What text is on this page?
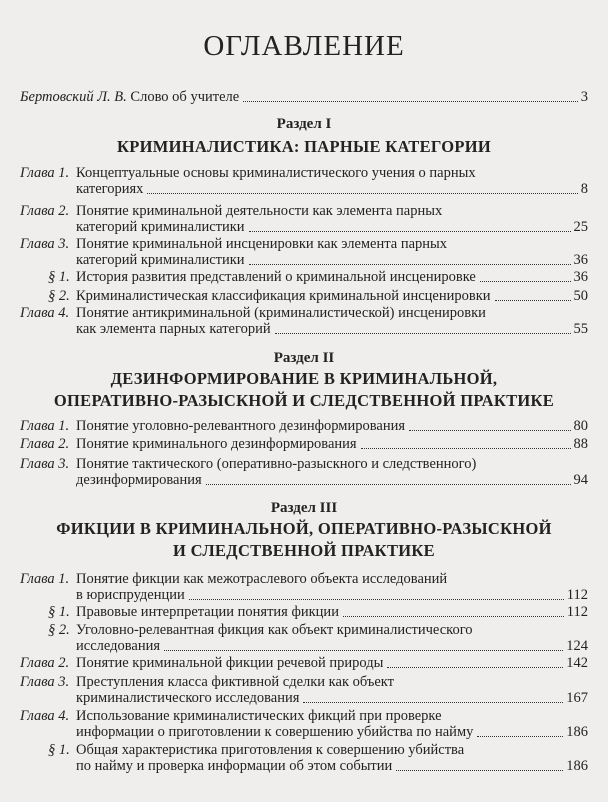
ОГЛАВЛЕНИЕ
Бертовский Л. В.
Слово об учителе	3
Раздел I
КРИМИНАЛИСТИКА: ПАРНЫЕ КАТЕГОРИИ
Раздел II
ДЕЗИНФОРМИРОВАНИЕ В КРИМИНАЛЬНОЙ,
ОПЕРАТИВНО-РАЗЫСКНОЙ И СЛЕДСТВЕННОЙ ПРАКТИКЕ
Раздел III
ФИКЦИИ В КРИМИНАЛЬНОЙ, ОПЕРАТИВНО-РАЗЫСКНОЙ
И СЛЕДСТВЕННОЙ ПРАКТИКЕ
Глава 1. Концептуальные основы криминалистического учения о парных
категориях	8
Глава 2. Понятие криминальной деятельности как элемента парных
категорий криминалистики	25
Глава 3. Понятие криминальной инсценировки как элемента парных
категорий криминалистики	36
§ 1. История развития представлений о криминальной инсценировке	36
§ 2. Криминалистическая классификация криминальной инсценировки	50
Глава 4. Понятие антикриминальной (криминалистической) инсценировки
как элемента парных категорий	55
Глава 1. Понятие уголовно-релевантного дезинформирования	80
Глава 2. Понятие криминального дезинформирования	88
Глава 3. Понятие тактического (оперативно-разыскного и следственного)
дезинформирования	94
Глава 1. Понятие фикции как межотраслевого объекта исследований
в юриспруденции	112
§ 1. Правовые интерпретации понятия фикции	112
§ 2. Уголовно-релевантная фикция как объект криминалистического
исследования	124
Глава 2. Понятие криминальной фикции речевой природы	142
Глава 3. Преступления класса фиктивной сделки как объект
криминалистического исследования	167
Глава 4. Использование криминалистических фикций при проверке
информации о приготовлении к совершению убийства по найму	186
§ 1. Общая характеристика приготовления к совершению убийства
по найму и проверка информации об этом событии	186
